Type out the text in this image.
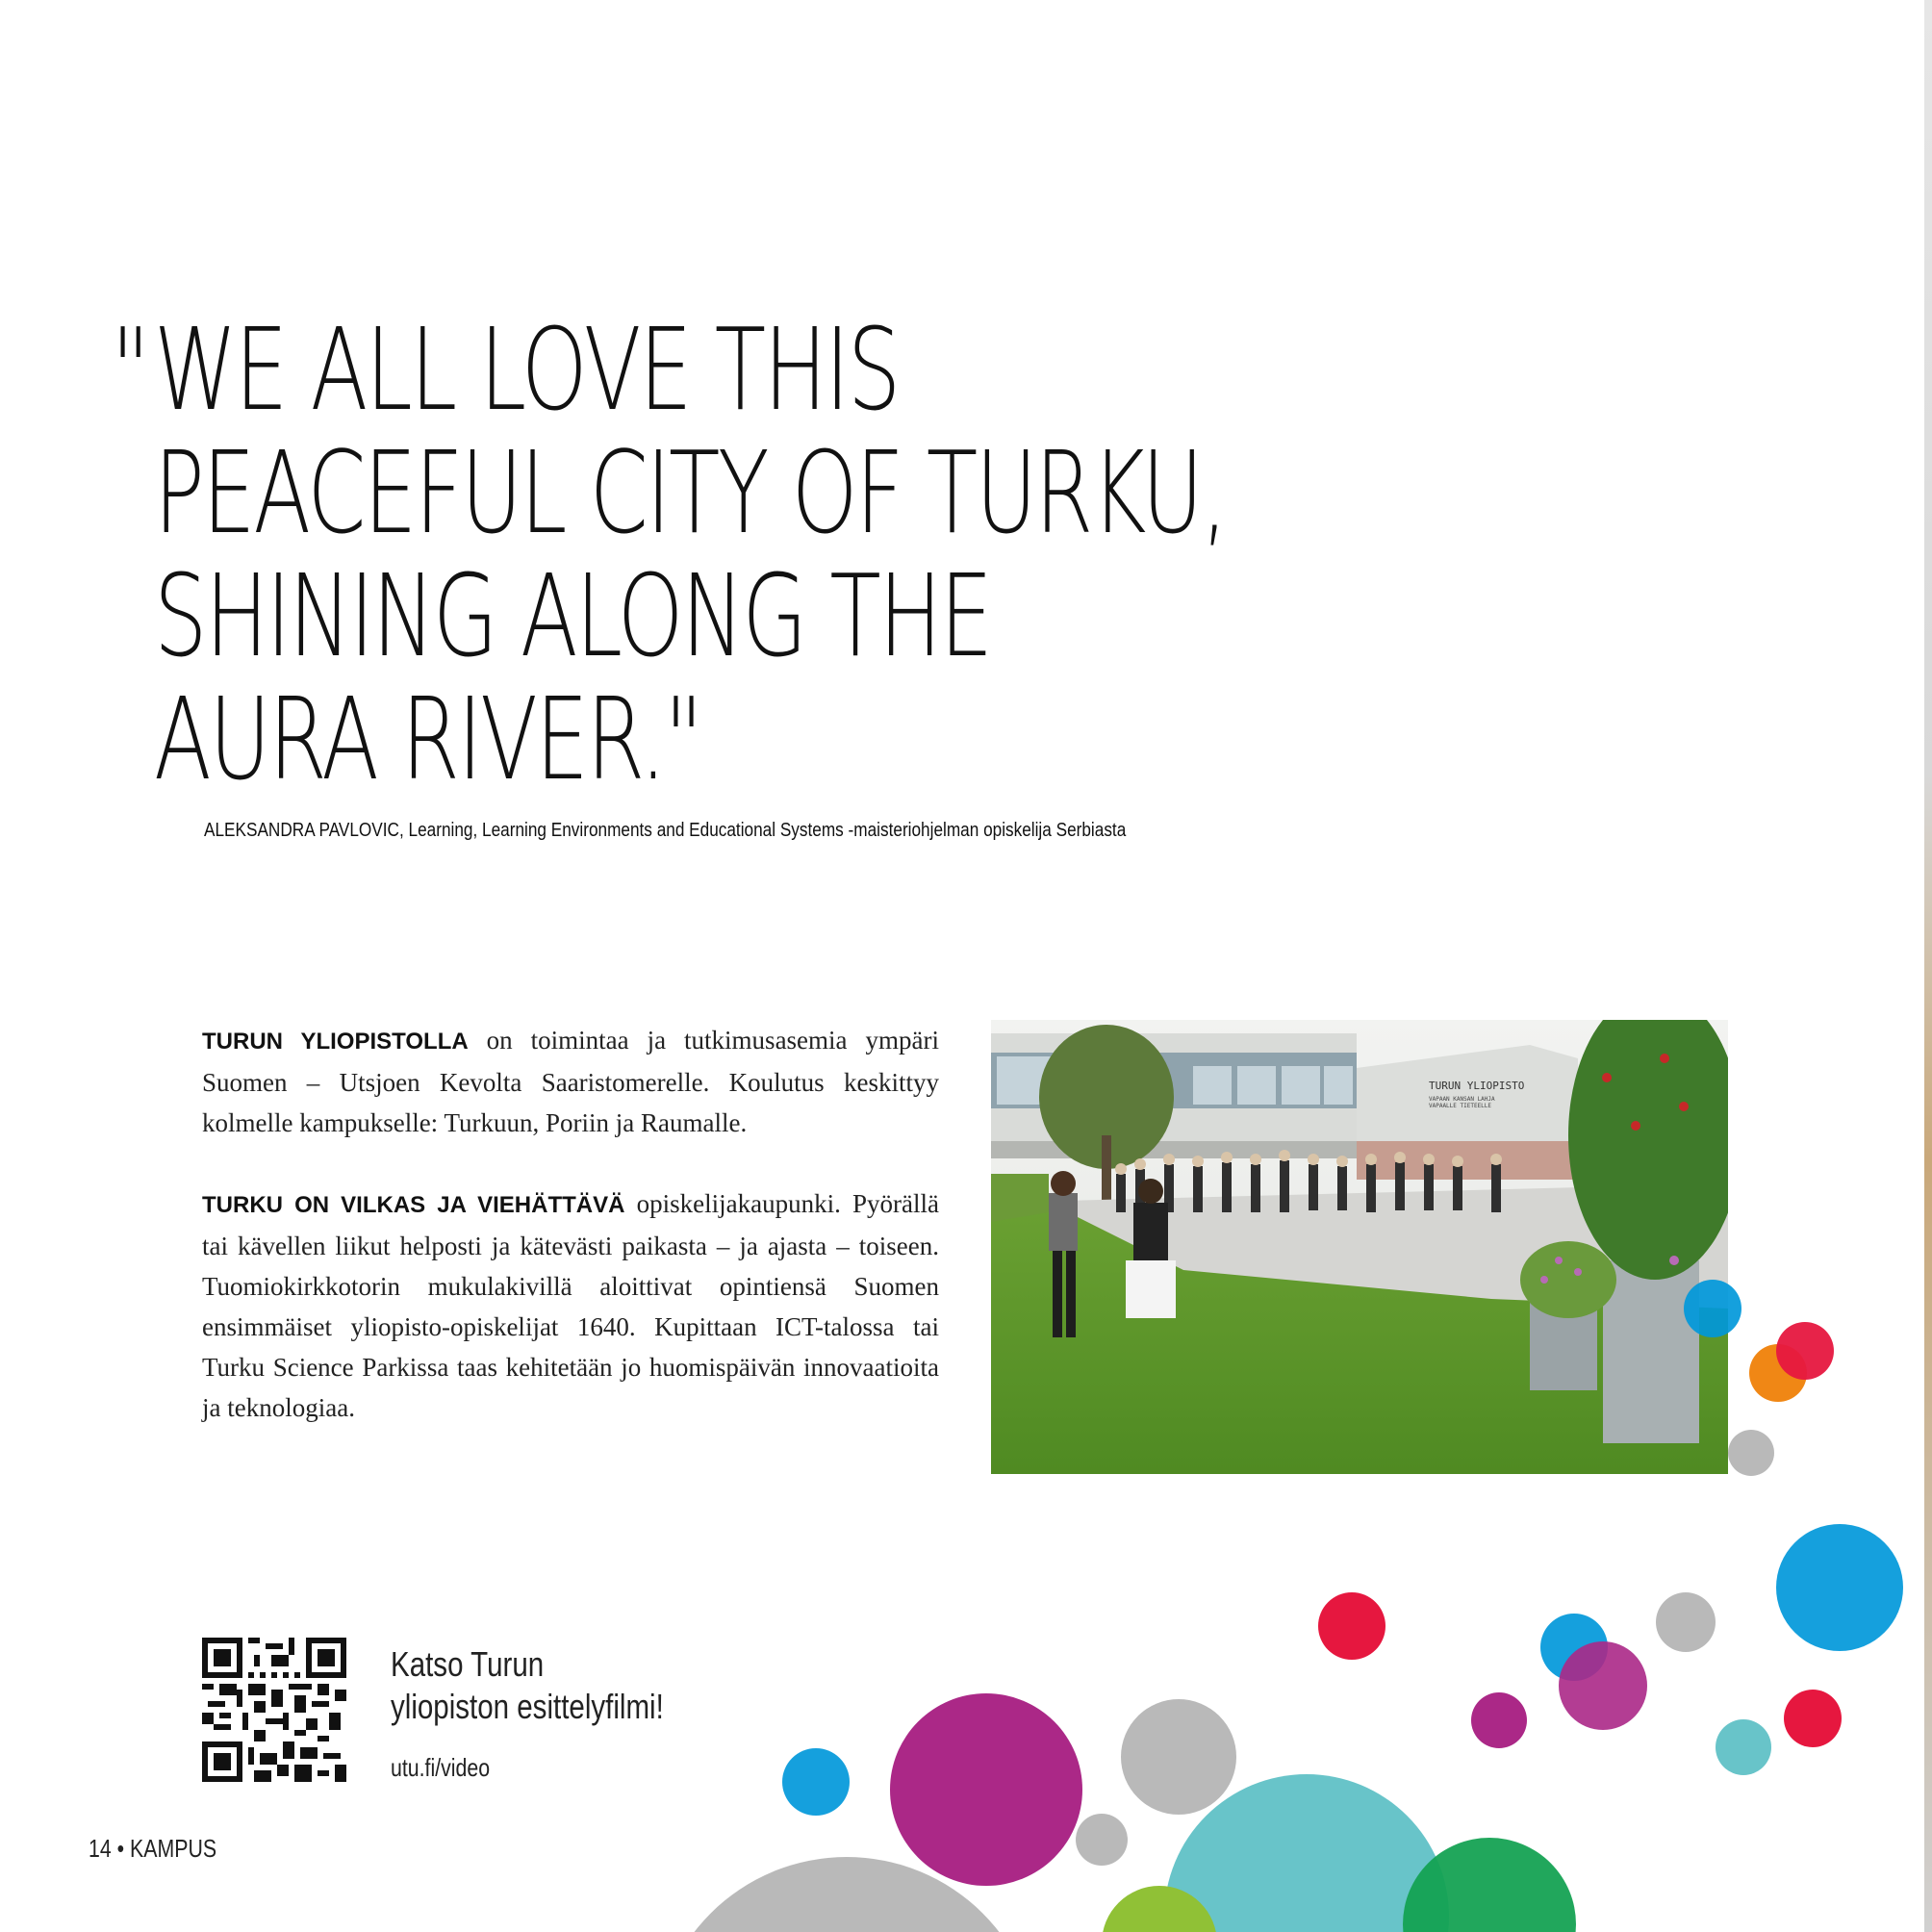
" WE ALL LOVE THIS

PEACEFUL CITY OF TURKU,

SHINING ALONG THE

AURA RIVER."

ALEKSANDRA PAVLOVIC, Learning, Learning Environments and Educational Systems -maisteriohjelman opiskelija Serbiasta

TURUN YLIOPISTOLLA on toimintaa ja tutkimusasemia ympäri Suomen – Utsjoen Kevolta Saaristomerelle. Koulutus keskittyy kolmelle kampukselle: Turkuun, Poriin ja Raumalle.

TURKU ON VILKAS JA VIEHÄTTÄVÄ opiskelijakaupunki. Pyörällä tai kävellen liikut helposti ja kätevästi paikasta – ja ajasta – toiseen. Tuomiokirkkotorin mukulakivillä aloittivat opintiensä Suomen ensimmäiset yliopisto-opiskelijat 1640. Kupittaan ICT-talossa tai Turku Science Parkissa taas kehitetään jo huomispäivän innovaatioita ja teknologiaa.

TURUN YLIOPISTO
VAPAAN KANSAN LAHJA
VAPAALLE TIETEELLE
Katso Turun
yliopiston esittelyfilmi!
utu.fi/video
14 • KAMPUS
